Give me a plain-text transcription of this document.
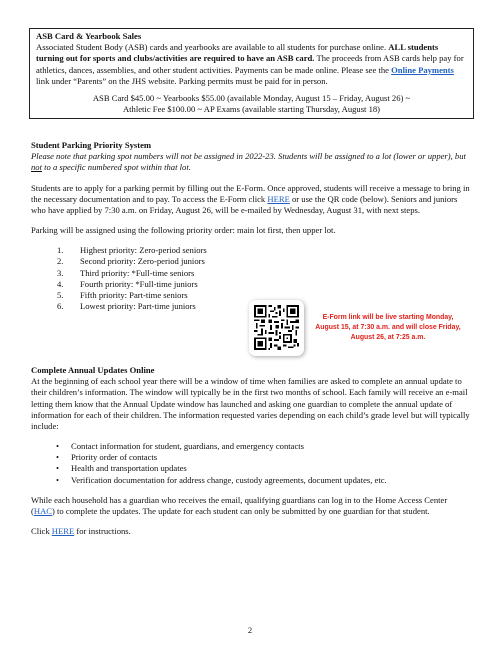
ASB Card & Yearbook Sales

Associated Student Body (ASB) cards and yearbooks are available to all students for purchase online. ALL students turning out for sports and clubs/activities are required to have an ASB card. The proceeds from ASB cards help pay for athletics, dances, assemblies, and other student activities. Payments can be made online. Please see the Online Payments link under “Parents” on the JHS website. Parking permits must be paid for in person.

ASB Card $45.00 ~ Yearbooks $55.00 (available Monday, August 15 – Friday, August 26) ~

Athletic Fee $100.00 ~ AP Exams (available starting Thursday, August 18)

Student Parking Priority System

Please note that parking spot numbers will not be assigned in 2022-23. Students will be assigned to a lot (lower or upper), but not to a specific numbered spot within that lot.

Students are to apply for a parking permit by filling out the E-Form. Once approved, students will receive a message to bring in the necessary documentation and to pay. To access the E-Form click HERE or use the QR code (below). Seniors and juniors who have applied by 7:30 a.m. on Friday, August 26, will be e-mailed by Wednesday, August 31, with next steps.

Parking will be assigned using the following priority order: main lot first, then upper lot.

1.	Highest priority: Zero-period seniors
2.	Second priority: Zero-period juniors
3.	Third priority: *Full-time seniors
4.	Fourth priority: *Full-time juniors
5.	Fifth priority: Part-time seniors
6.	Lowest priority: Part-time juniors

E-Form link will be live starting Monday, August 15, at 7:30 a.m. and will close Friday, August 26, at 7:25 a.m.

Complete Annual Updates Online

At the beginning of each school year there will be a window of time when families are asked to complete an annual update to their children’s information. The window will typically be in the first two months of school. Each family will receive an e-mail letting them know that the Annual Update window has launched and asking one guardian to complete the annual update of information for each of their children. The information requested varies depending on each child’s grade level but will typically include:

• Contact information for student, guardians, and emergency contacts
• Priority order of contacts
• Health and transportation updates
• Verification documentation for address change, custody agreements, document updates, etc.

While each household has a guardian who receives the email, qualifying guardians can log in to the Home Access Center (HAC) to complete the updates. The update for each student can only be submitted by one guardian for that student.

Click HERE for instructions.

2
